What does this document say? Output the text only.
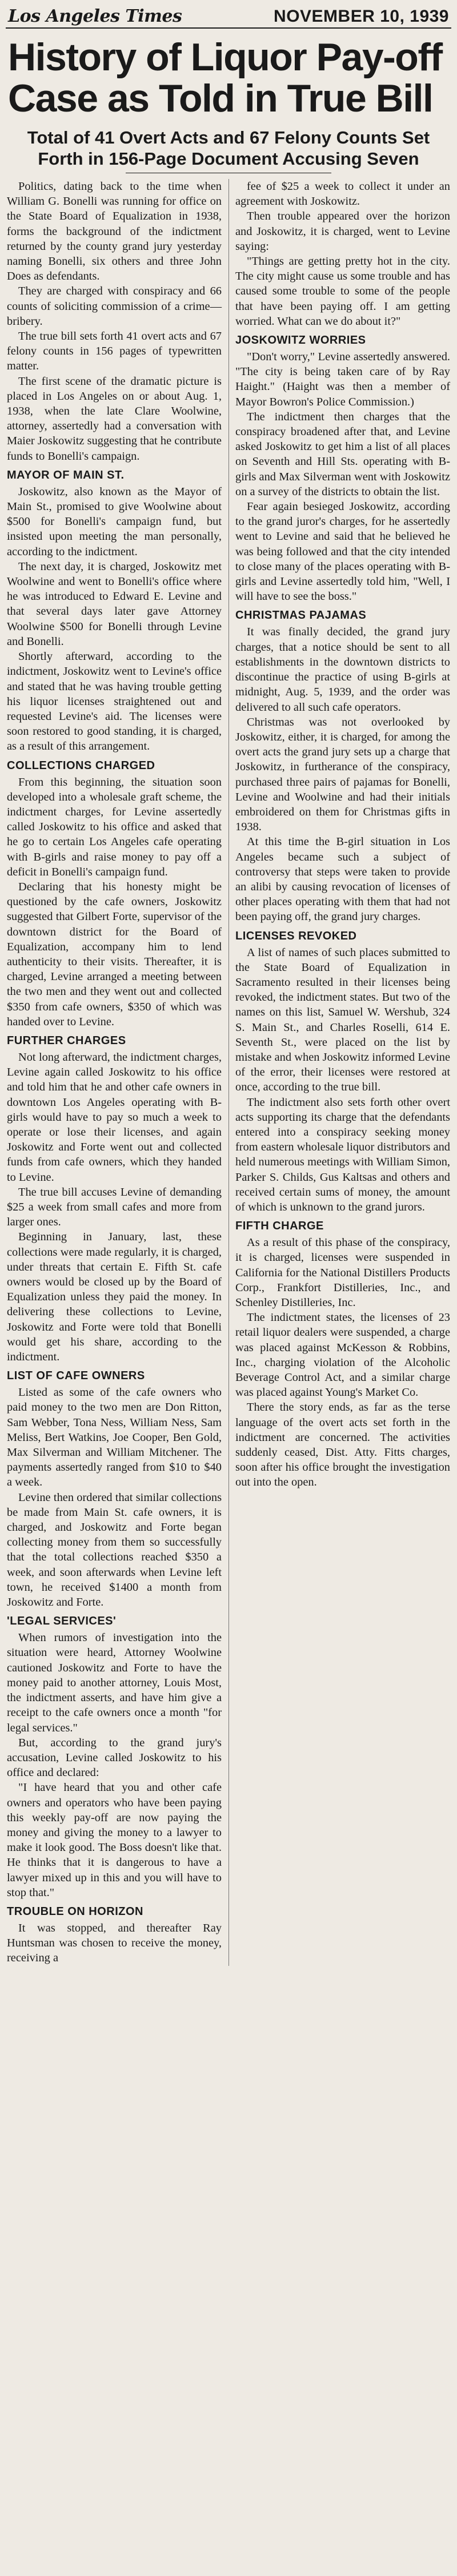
Los Angeles Times	NOVEMBER 10, 1939
History of Liquor Pay-off Case as Told in True Bill
Total of 41 Overt Acts and 67 Felony Counts Set Forth in 156-Page Document Accusing Seven

Politics, dating back to the time when William G. Bonelli was running for office on the State Board of Equalization in 1938, forms the background of the indictment returned by the county grand jury yesterday naming Bonelli, six others and three John Does as defendants.

They are charged with conspiracy and 66 counts of soliciting commission of a crime—bribery.

The true bill sets forth 41 overt acts and 67 felony counts in 156 pages of typewritten matter.

The first scene of the dramatic picture is placed in Los Angeles on or about Aug. 1, 1938, when the late Clare Woolwine, attorney, assertedly had a conversation with Maier Joskowitz suggesting that he contribute funds to Bonelli's campaign.

MAYOR OF MAIN ST.

Joskowitz, also known as the Mayor of Main St., promised to give Woolwine about $500 for Bonelli's campaign fund, but insisted upon meeting the man personally, according to the indictment.

The next day, it is charged, Joskowitz met Woolwine and went to Bonelli's office where he was introduced to Edward E. Levine and that several days later gave Attorney Woolwine $500 for Bonelli through Levine and Bonelli.

Shortly afterward, according to the indictment, Joskowitz went to Levine's office and stated that he was having trouble getting his liquor licenses straightened out and requested Levine's aid. The licenses were soon restored to good standing, it is charged, as a result of this arrangement.

COLLECTIONS CHARGED

From this beginning, the situation soon developed into a wholesale graft scheme, the indictment charges, for Levine assertedly called Joskowitz to his office and asked that he go to certain Los Angeles cafe operating with B-girls and raise money to pay off a deficit in Bonelli's campaign fund.

Declaring that his honesty might be questioned by the cafe owners, Joskowitz suggested that Gilbert Forte, supervisor of the downtown district for the Board of Equalization, accompany him to lend authenticity to their visits. Thereafter, it is charged, Levine arranged a meeting between the two men and they went out and collected $350 from cafe owners, $350 of which was handed over to Levine.

FURTHER CHARGES

Not long afterward, the indictment charges, Levine again called Joskowitz to his office and told him that he and other cafe owners in downtown Los Angeles operating with B-girls would have to pay so much a week to operate or lose their licenses, and again Joskowitz and Forte went out and collected funds from cafe owners, which they handed to Levine.

The true bill accuses Levine of demanding $25 a week from small cafes and more from larger ones.

Beginning in January, last, these collections were made regularly, it is charged, under threats that certain E. Fifth St. cafe owners would be closed up by the Board of Equalization unless they paid the money. In delivering these collections to Levine, Joskowitz and Forte were told that Bonelli would get his share, according to the indictment.

LIST OF CAFE OWNERS

Listed as some of the cafe owners who paid money to the two men are Don Ritton, Sam Webber, Tona Ness, William Ness, Sam Meliss, Bert Watkins, Joe Cooper, Ben Gold, Max Silverman and William Mitchener. The payments assertedly ranged from $10 to $40 a week.

Levine then ordered that similar collections be made from Main St. cafe owners, it is charged, and Joskowitz and Forte began collecting money from them so successfully that the total collections reached $350 a week, and soon afterwards when Levine left town, he received $1400 a month from Joskowitz and Forte.

'LEGAL SERVICES'

When rumors of investigation into the situation were heard, Attorney Woolwine cautioned Joskowitz and Forte to have the money paid to another attorney, Louis Most, the indictment asserts, and have him give a receipt to the cafe owners once a month "for legal services."

But, according to the grand jury's accusation, Levine called Joskowitz to his office and declared:

"I have heard that you and other cafe owners and operators who have been paying this weekly pay-off are now paying the money and giving the money to a lawyer to make it look good. The Boss doesn't like that. He thinks that it is dangerous to have a lawyer mixed up in this and you will have to stop that."

TROUBLE ON HORIZON

It was stopped, and thereafter Ray Huntsman was chosen to receive the money, receiving a

fee of $25 a week to collect it under an agreement with Joskowitz.

Then trouble appeared over the horizon and Joskowitz, it is charged, went to Levine saying:

"Things are getting pretty hot in the city. The city might cause us some trouble and has caused some trouble to some of the people that have been paying off. I am getting worried. What can we do about it?"

JOSKOWITZ WORRIES

"Don't worry," Levine assertedly answered. "The city is being taken care of by Ray Haight." (Haight was then a member of Mayor Bowron's Police Commission.)

The indictment then charges that the conspiracy broadened after that, and Levine asked Joskowitz to get him a list of all places on Seventh and Hill Sts. operating with B-girls and Max Silverman went with Joskowitz on a survey of the districts to obtain the list.

Fear again besieged Joskowitz, according to the grand juror's charges, for he assertedly went to Levine and said that he believed he was being followed and that the city intended to close many of the places operating with B-girls and Levine assertedly told him, "Well, I will have to see the boss."

CHRISTMAS PAJAMAS

It was finally decided, the grand jury charges, that a notice should be sent to all establishments in the downtown districts to discontinue the practice of using B-girls at midnight, Aug. 5, 1939, and the order was delivered to all such cafe operators.

Christmas was not overlooked by Joskowitz, either, it is charged, for among the overt acts the grand jury sets up a charge that Joskowitz, in furtherance of the conspiracy, purchased three pairs of pajamas for Bonelli, Levine and Woolwine and had their initials embroidered on them for Christmas gifts in 1938.

At this time the B-girl situation in Los Angeles became such a subject of controversy that steps were taken to provide an alibi by causing revocation of licenses of other places operating with them that had not been paying off, the grand jury charges.

LICENSES REVOKED

A list of names of such places submitted to the State Board of Equalization in Sacramento resulted in their licenses being revoked, the indictment states. But two of the names on this list, Samuel W. Wershub, 324 S. Main St., and Charles Roselli, 614 E. Seventh St., were placed on the list by mistake and when Joskowitz informed Levine of the error, their licenses were restored at once, according to the true bill.

The indictment also sets forth other overt acts supporting its charge that the defendants entered into a conspiracy seeking money from eastern wholesale liquor distributors and held numerous meetings with William Simon, Parker S. Childs, Gus Kaltsas and others and received certain sums of money, the amount of which is unknown to the grand jurors.

FIFTH CHARGE

As a result of this phase of the conspiracy, it is charged, licenses were suspended in California for the National Distillers Products Corp., Frankfort Distilleries, Inc., and Schenley Distilleries, Inc.

The indictment states, the licenses of 23 retail liquor dealers were suspended, a charge was placed against McKesson & Robbins, Inc., charging violation of the Alcoholic Beverage Control Act, and a similar charge was placed against Young's Market Co.

There the story ends, as far as the terse language of the overt acts set forth in the indictment are concerned. The activities suddenly ceased, Dist. Atty. Fitts charges, soon after his office brought the investigation out into the open.
